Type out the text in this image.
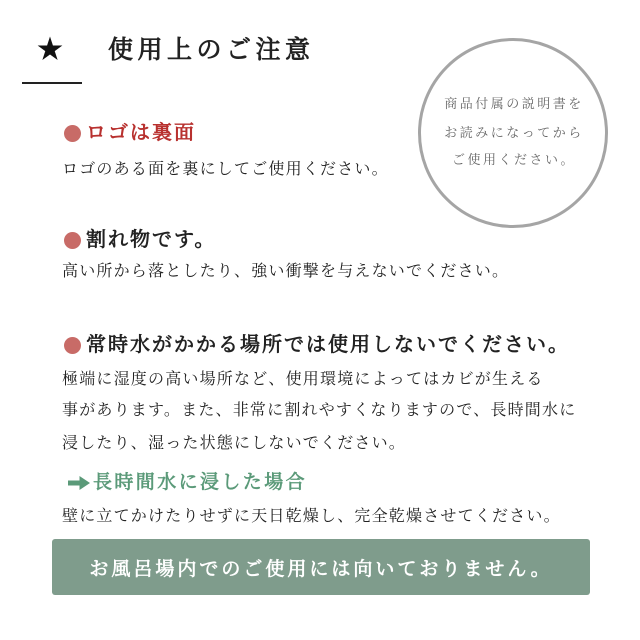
使用上のご注意
商品付属の説明書を
お読みになってから
ご使用ください。
ロゴは裏面
ロゴのある面を裏にしてご使用ください。
割れ物です。
高い所から落としたり、強い衝撃を与えないでください。
常時水がかかる場所では使用しないでください。
極端に湿度の高い場所など、使用環境によってはカビが生える
事があります。また、非常に割れやすくなりますので、長時間水に
浸したり、湿った状態にしないでください。
長時間水に浸した場合
壁に立てかけたりせずに天日乾燥し、完全乾燥させてください。
お風呂場内でのご使用には向いておりません。
